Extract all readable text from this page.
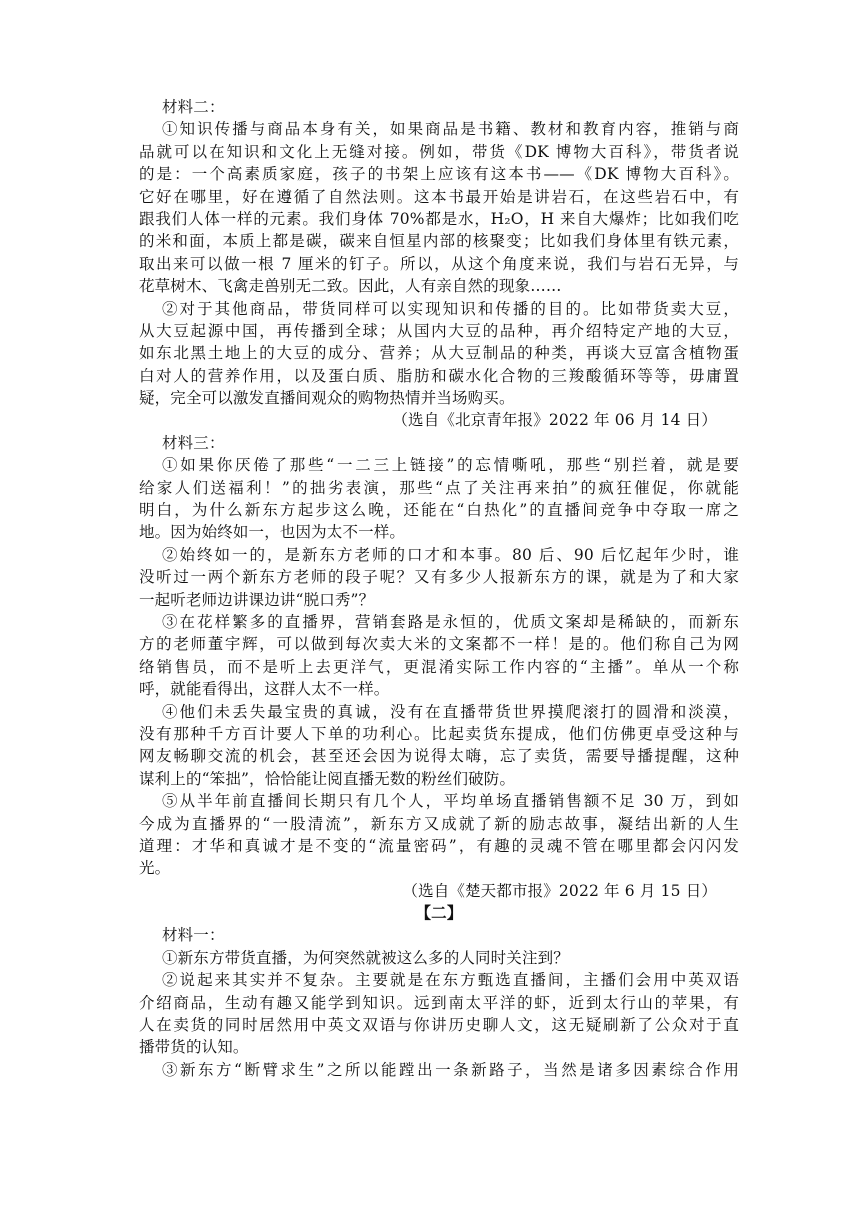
材料二：
①知识传播与商品本身有关，如果商品是书籍、教材和教育内容，推销与商
品就可以在知识和文化上无缝对接。例如，带货《DK 博物大百科》，带货者说
的是：一个高素质家庭，孩子的书架上应该有这本书——《DK 博物大百科》。
它好在哪里，好在遵循了自然法则。这本书最开始是讲岩石，在这些岩石中，有
跟我们人体一样的元素。我们身体 70%都是水，H₂O，H 来自大爆炸；比如我们吃
的米和面，本质上都是碳，碳来自恒星内部的核聚变；比如我们身体里有铁元素，
取出来可以做一根 7 厘米的钉子。所以，从这个角度来说，我们与岩石无异，与
花草树木、飞禽走兽别无二致。因此，人有亲自然的现象……
②对于其他商品，带货同样可以实现知识和传播的目的。比如带货卖大豆，
从大豆起源中国，再传播到全球；从国内大豆的品种，再介绍特定产地的大豆，
如东北黑土地上的大豆的成分、营养；从大豆制品的种类，再谈大豆富含植物蛋
白对人的营养作用，以及蛋白质、脂肪和碳水化合物的三羧酸循环等等，毋庸置
疑，完全可以激发直播间观众的购物热情并当场购买。
（选自《北京青年报》2022 年 06 月 14 日）
材料三：
①如果你厌倦了那些“一二三上链接”的忘情嘶吼，那些“别拦着，就是要
给家人们送福利！”的拙劣表演，那些“点了关注再来拍”的疯狂催促，你就能
明白，为什么新东方起步这么晚，还能在“白热化”的直播间竞争中夺取一席之
地。因为始终如一，也因为太不一样。
②始终如一的，是新东方老师的口才和本事。80 后、90 后忆起年少时，谁
没听过一两个新东方老师的段子呢？又有多少人报新东方的课，就是为了和大家
一起听老师边讲课边讲“脱口秀”？
③在花样繁多的直播界，营销套路是永恒的，优质文案却是稀缺的，而新东
方的老师董宇辉，可以做到每次卖大米的文案都不一样！是的。他们称自己为网
络销售员，而不是听上去更洋气，更混淆实际工作内容的“主播”。单从一个称
呼，就能看得出，这群人太不一样。
④他们未丢失最宝贵的真诚，没有在直播带货世界摸爬滚打的圆滑和淡漠，
没有那种千方百计要人下单的功利心。比起卖货东提成，他们仿佛更卓受这种与
网友畅聊交流的机会，甚至还会因为说得太嗨，忘了卖货，需要导播提醒，这种
谋利上的“笨拙”，恰恰能让阅直播无数的粉丝们破防。
⑤从半年前直播间长期只有几个人，平均单场直播销售额不足 30 万，到如
今成为直播界的“一股清流”，新东方又成就了新的励志故事，凝结出新的人生
道理：才华和真诚才是不变的“流量密码”，有趣的灵魂不管在哪里都会闪闪发
光。
（选自《楚天都市报》2022 年 6 月 15 日）
【二】
材料一：
①新东方带货直播，为何突然就被这么多的人同时关注到？
②说起来其实并不复杂。主要就是在东方甄选直播间，主播们会用中英双语
介绍商品，生动有趣又能学到知识。远到南太平洋的虾，近到太行山的苹果，有
人在卖货的同时居然用中英文双语与你讲历史聊人文，这无疑刷新了公众对于直
播带货的认知。
③新东方“断臂求生”之所以能蹚出一条新路子，当然是诸多因素综合作用
